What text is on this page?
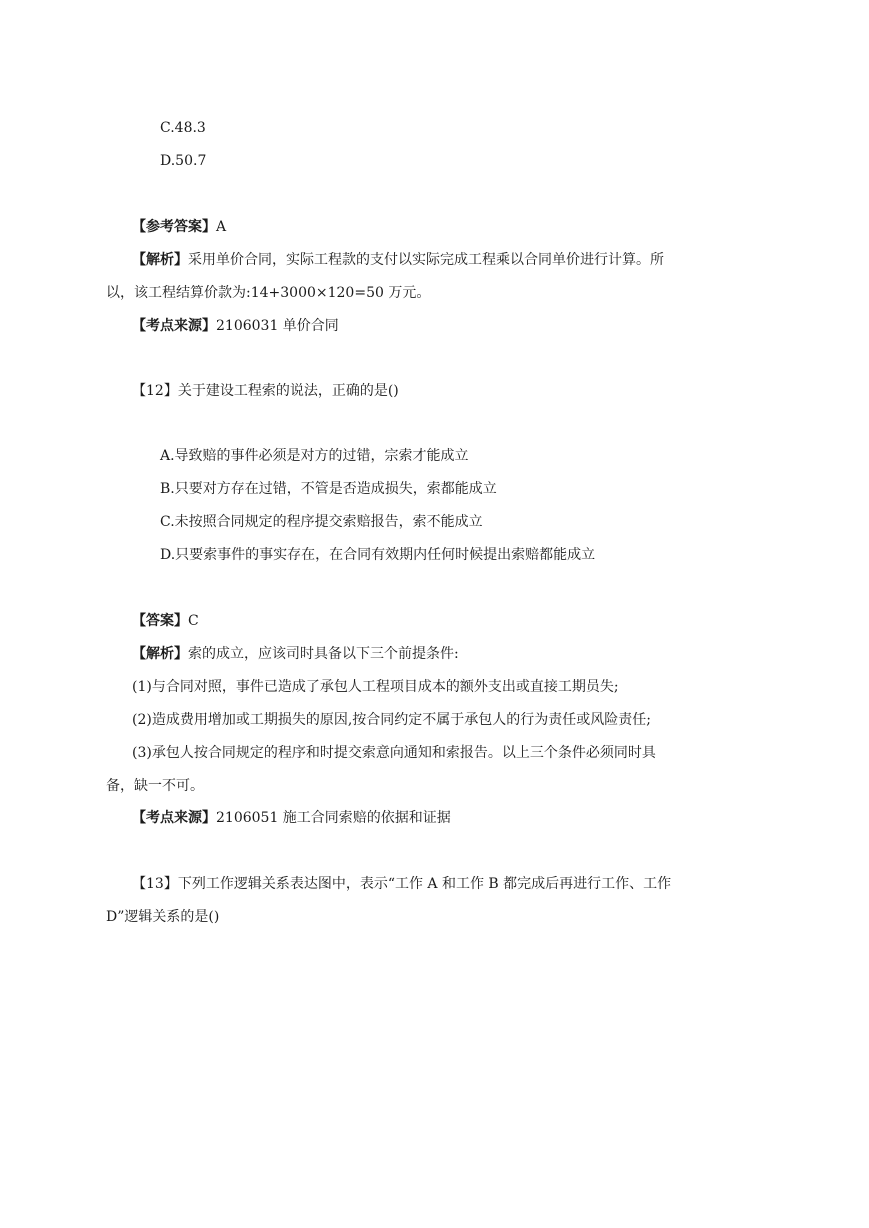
C.48.3
D.50.7
【参考答案】A
【解析】采用单价合同，实际工程款的支付以实际完成工程乘以合同单价进行计算。所
以，该工程结算价款为:14+3000×120=50 万元。
【考点来源】2106031 单价合同
【12】关于建设工程索的说法，正确的是()
A.导致赔的事件必须是对方的过错，宗索才能成立
B.只要对方存在过错，不管是否造成损失，索都能成立
C.未按照合同规定的程序提交索赔报告，索不能成立
D.只要索事件的事实存在，在合同有效期内任何时候提出索赔都能成立
【答案】C
【解析】索的成立，应该司时具备以下三个前提条件:
(1)与合同对照，事件已造成了承包人工程项目成本的额外支出或直接工期员失;
(2)造成费用增加或工期损失的原因,按合同约定不属于承包人的行为责任或风险责任;
(3)承包人按合同规定的程序和时提交索意向通知和索报告。以上三个条件必须同时具
备，缺一不可。
【考点来源】2106051 施工合同索赔的依据和证据
【13】下列工作逻辑关系表达图中，表示“工作 A 和工作 B 都完成后再进行工作、工作
D”逻辑关系的是()
